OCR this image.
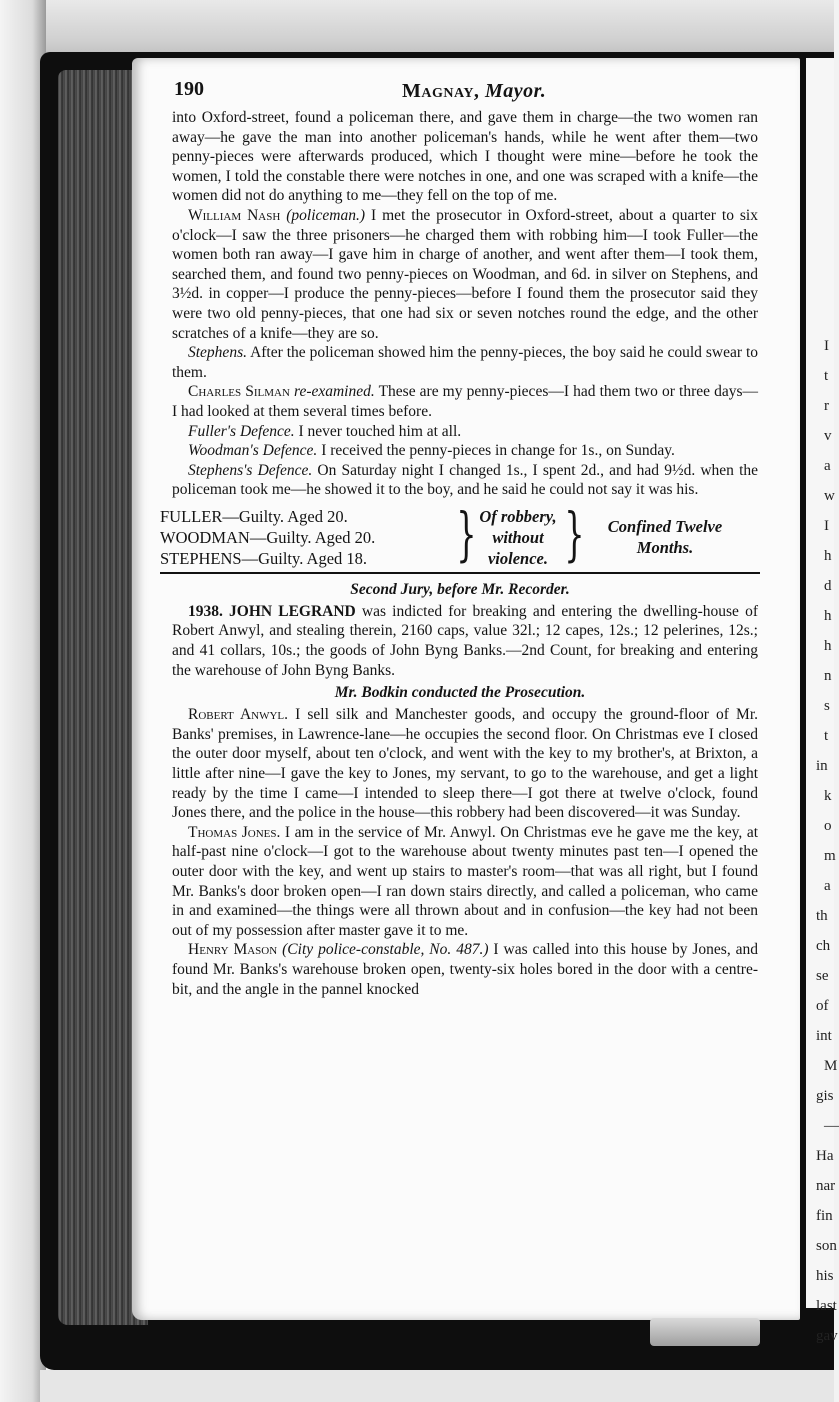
I
t
r
v
a
w
I
h
d
h
h
n
s
t
in
k
o
m
a
th
ch
se
of
int
M
gis
—
Ha
nar
fin
son
his
last
gav
190	Magnay, Mayor.

into Oxford-street, found a policeman there, and gave them in charge—the two women ran away—he gave the man into another policeman's hands, while he went after them—two penny-pieces were afterwards produced, which I thought were mine—before he took the women, I told the constable there were notches in one, and one was scraped with a knife—the women did not do anything to me—they fell on the top of me.

William Nash (policeman.) I met the prosecutor in Oxford-street, about a quarter to six o'clock—I saw the three prisoners—he charged them with robbing him—I took Fuller—the women both ran away—I gave him in charge of another, and went after them—I took them, searched them, and found two penny-pieces on Woodman, and 6d. in silver on Stephens, and 3½d. in copper—I produce the penny-pieces—before I found them the prosecutor said they were two old penny-pieces, that one had six or seven notches round the edge, and the other scratches of a knife—they are so.

Stephens. After the policeman showed him the penny-pieces, the boy said he could swear to them.

Charles Silman re-examined. These are my penny-pieces—I had them two or three days—I had looked at them several times before.

Fuller's Defence. I never touched him at all.

Woodman's Defence. I received the penny-pieces in change for 1s., on Sunday.

Stephens's Defence. On Saturday night I changed 1s., I spent 2d., and had 9½d. when the policeman took me—he showed it to the boy, and he said he could not say it was his.

FULLER—Guilty. Aged 20.
WOODMAN—Guilty. Aged 20.
STEPHENS—Guilty. Aged 18. } Of robbery,
without
violence. }	Confined Twelve
Months.
Second Jury, before Mr. Recorder.

1938. JOHN LEGRAND was indicted for breaking and entering the dwelling-house of Robert Anwyl, and stealing therein, 2160 caps, value 32l.; 12 capes, 12s.; 12 pelerines, 12s.; and 41 collars, 10s.; the goods of John Byng Banks.—2nd Count, for breaking and entering the warehouse of John Byng Banks.

Mr. Bodkin conducted the Prosecution.

Robert Anwyl. I sell silk and Manchester goods, and occupy the ground-floor of Mr. Banks' premises, in Lawrence-lane—he occupies the second floor. On Christmas eve I closed the outer door myself, about ten o'clock, and went with the key to my brother's, at Brixton, a little after nine—I gave the key to Jones, my servant, to go to the warehouse, and get a light ready by the time I came—I intended to sleep there—I got there at twelve o'clock, found Jones there, and the police in the house—this robbery had been discovered—it was Sunday.

Thomas Jones. I am in the service of Mr. Anwyl. On Christmas eve he gave me the key, at half-past nine o'clock—I got to the warehouse about twenty minutes past ten—I opened the outer door with the key, and went up stairs to master's room—that was all right, but I found Mr. Banks's door broken open—I ran down stairs directly, and called a policeman, who came in and examined—the things were all thrown about and in confusion—the key had not been out of my possession after master gave it to me.

Henry Mason (City police-constable, No. 487.) I was called into this house by Jones, and found Mr. Banks's warehouse broken open, twenty-six holes bored in the door with a centre-bit, and the angle in the pannel knocked
